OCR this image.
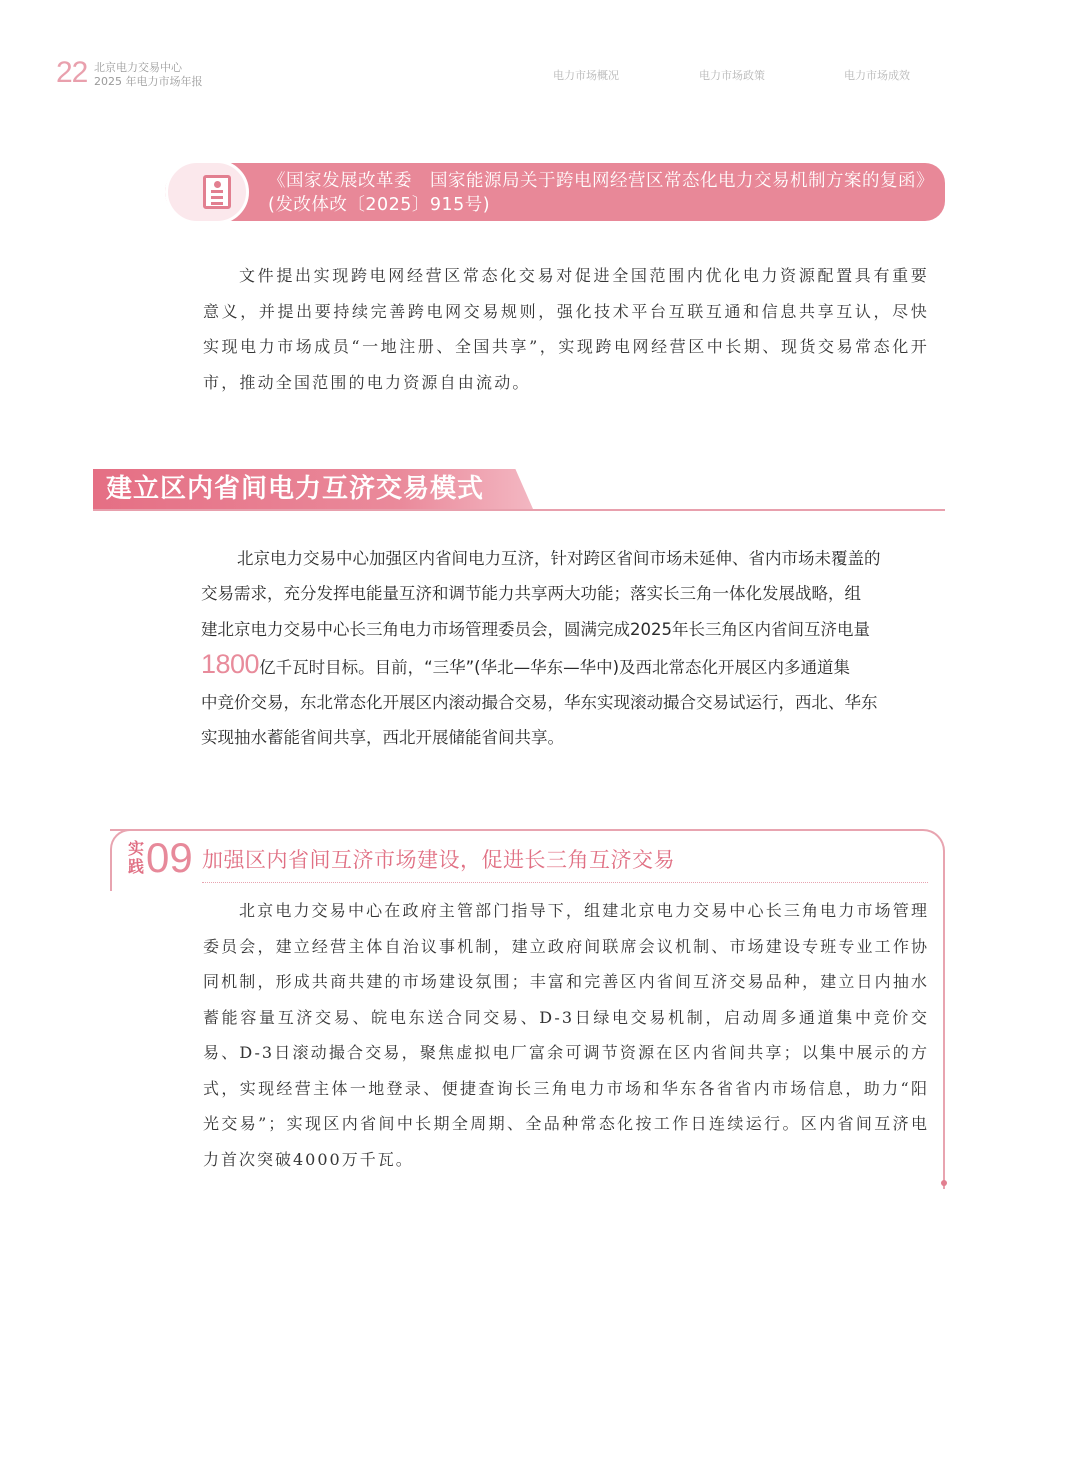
22 北京电力交易中心
2025 年电力市场年报	电力市场概况	电力市场政策	电力市场成效
《国家发展改革委　国家能源局关于跨电网经营区常态化电力交易机制方案的复函》(发改体改〔2025〕915号)
文件提出实现跨电网经营区常态化交易对促进全国范围内优化电力资源配置具有重要意义，并提出要持续完善跨电网交易规则，强化技术平台互联互通和信息共享互认，尽快实现电力市场成员“一地注册、全国共享”，实现跨电网经营区中长期、现货交易常态化开市，推动全国范围的电力资源自由流动。
建立区内省间电力互济交易模式
北京电力交易中心加强区内省间电力互济，针对跨区省间市场未延伸、省内市场未覆盖的
交易需求，充分发挥电能量互济和调节能力共享两大功能；落实长三角一体化发展战略，组
建北京电力交易中心长三角电力市场管理委员会，圆满完成2025年长三角区内省间互济电量
1800亿千瓦时目标。目前，“三华”(华北—华东—华中)及西北常态化开展区内多通道集
中竞价交易，东北常态化开展区内滚动撮合交易，华东实现滚动撮合交易试运行，西北、华东
实现抽水蓄能省间共享，西北开展储能省间共享。
实践 09 加强区内省间互济市场建设，促进长三角互济交易
北京电力交易中心在政府主管部门指导下，组建北京电力交易中心长三角电力市场管理委员会，建立经营主体自治议事机制，建立政府间联席会议机制、市场建设专班专业工作协同机制，形成共商共建的市场建设氛围；丰富和完善区内省间互济交易品种，建立日内抽水蓄能容量互济交易、皖电东送合同交易、D-3日绿电交易机制，启动周多通道集中竞价交易、D-3日滚动撮合交易，聚焦虚拟电厂富余可调节资源在区内省间共享；以集中展示的方式，实现经营主体一地登录、便捷查询长三角电力市场和华东各省省内市场信息，助力“阳光交易”；实现区内省间中长期全周期、全品种常态化按工作日连续运行。区内省间互济电力首次突破4000万千瓦。
